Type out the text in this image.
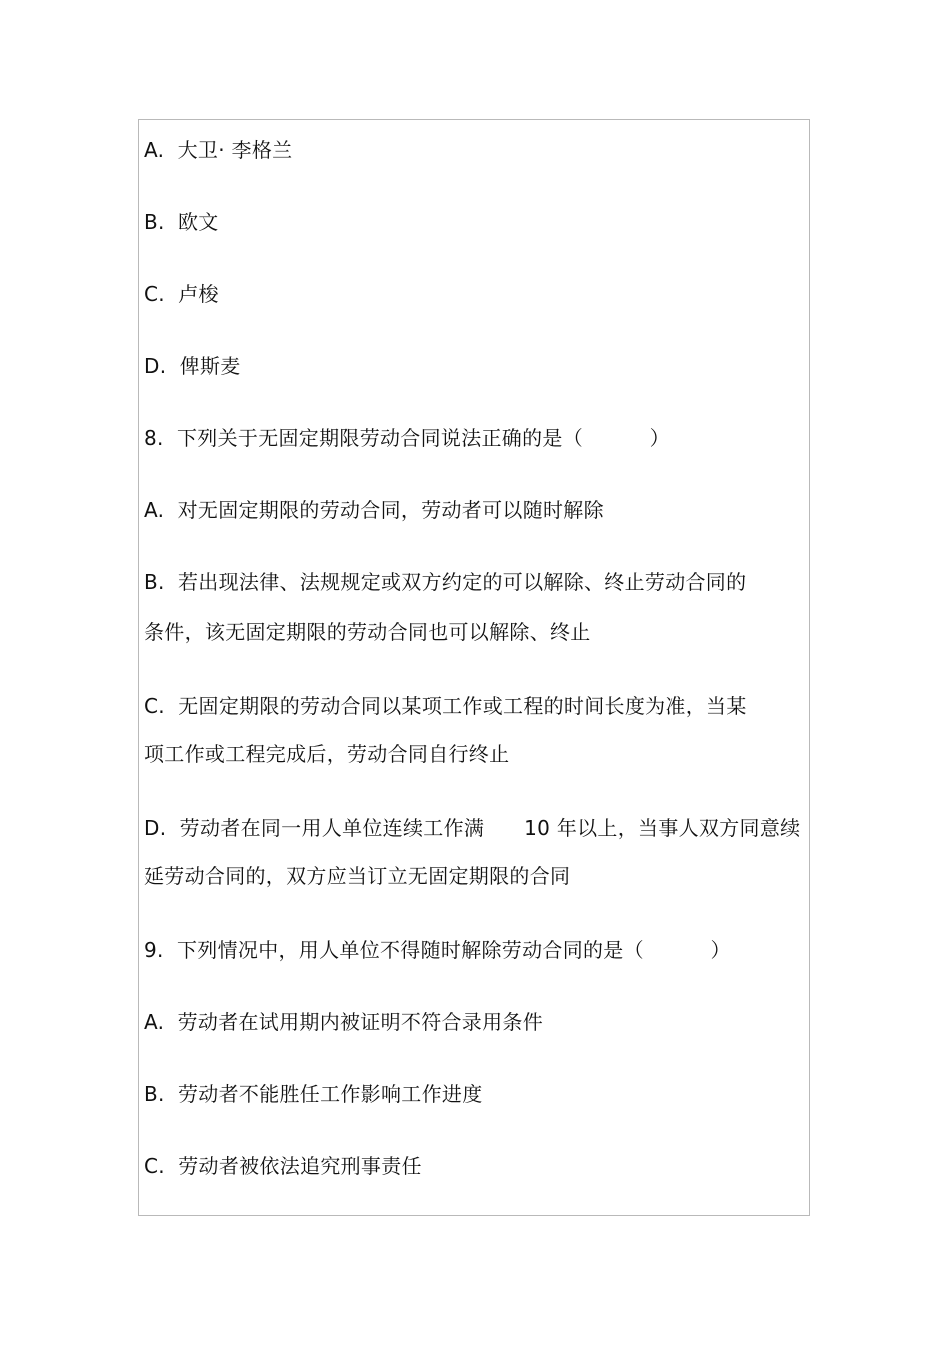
A.  大卫· 李格兰
B.  欧文
C.  卢梭
D.  俾斯麦
8.  下列关于无固定期限劳动合同说法正确的是（          ）
A.  对无固定期限的劳动合同，劳动者可以随时解除
B.  若出现法律、法规规定或双方约定的可以解除、终止劳动合同的
条件，该无固定期限的劳动合同也可以解除、终止
C.  无固定期限的劳动合同以某项工作或工程的时间长度为准，当某
项工作或工程完成后，劳动合同自行终止
D.  劳动者在同一用人单位连续工作满      10 年以上，当事人双方同意续
延劳动合同的，双方应当订立无固定期限的合同
9.  下列情况中，用人单位不得随时解除劳动合同的是（          ）
A.  劳动者在试用期内被证明不符合录用条件
B.  劳动者不能胜任工作影响工作进度
C.  劳动者被依法追究刑事责任
